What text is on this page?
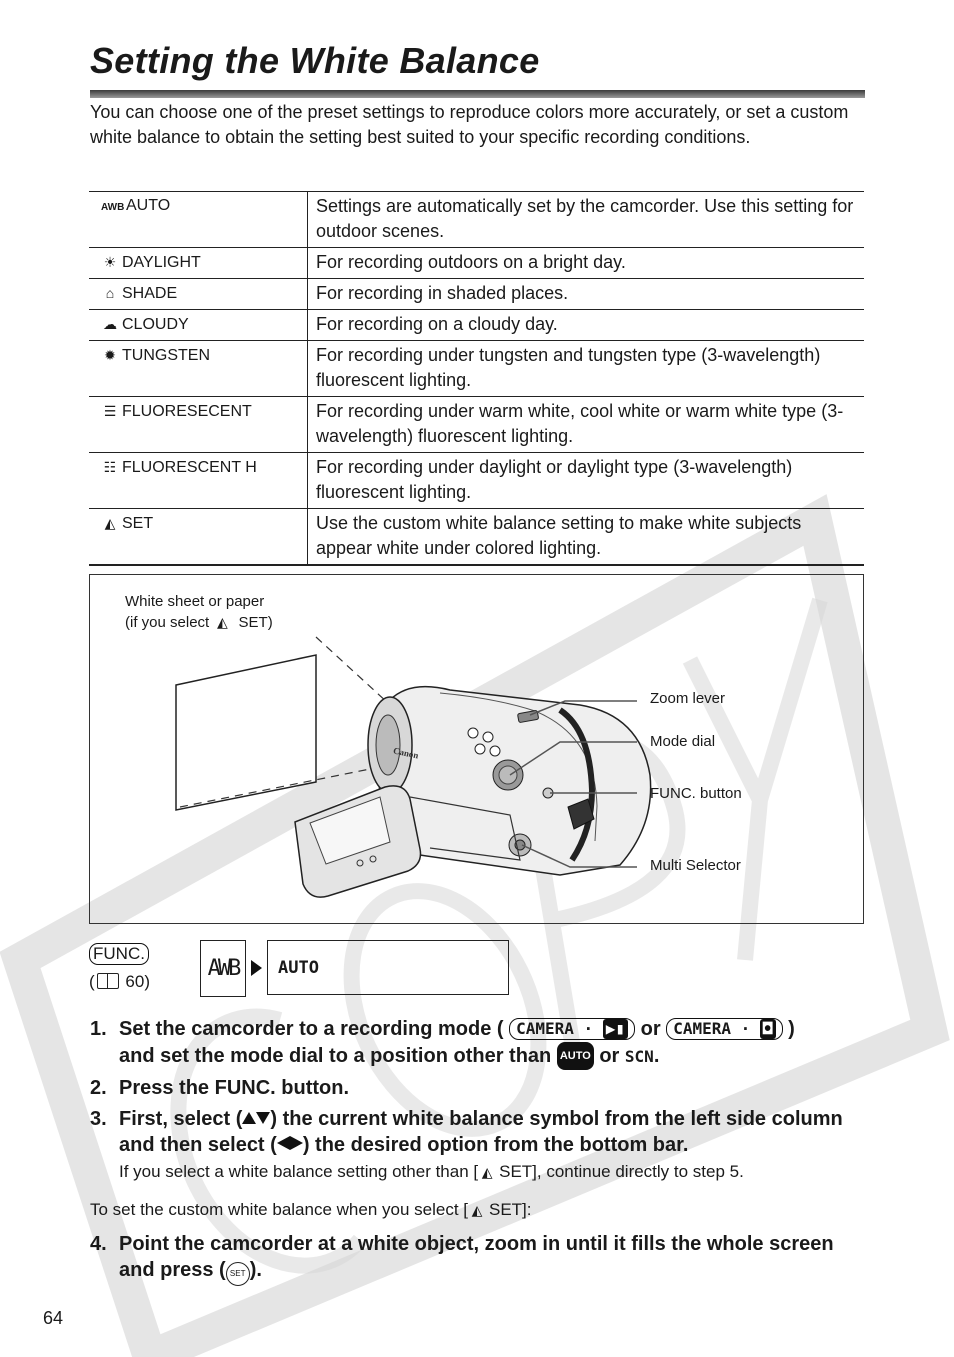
Setting the White Balance

You can choose one of the preset settings to reproduce colors more accurately, or set a custom white balance to obtain the setting best suited to your specific recording conditions.

AWB AUTO	Settings are automatically set by the camcorder. Use this setting for outdoor scenes.
☀ DAYLIGHT	For recording outdoors on a bright day.
⌂ SHADE	For recording in shaded places.
☁ CLOUDY	For recording on a cloudy day.
✹ TUNGSTEN	For recording under tungsten and tungsten type (3-wavelength) fluorescent lighting.
☰ FLUORESECENT	For recording under warm white, cool white or warm white type (3-wavelength) fluorescent lighting.
☷ FLUORESCENT H	For recording under daylight or daylight type (3-wavelength) fluorescent lighting.
◭ SET	Use the custom white balance setting to make white subjects appear white under colored lighting.
Canon
White sheet or paper
(if you select ◭ SET)
Zoom lever
Mode dial
FUNC. button
Multi Selector
FUNC.
( 60)
AWB	AUTO
1. Set the camcorder to a recording mode ( CAMERA · ▶▮ or CAMERA · ◘ )
and set the mode dial to a position other than AUTO or SCN.
2. Press the FUNC. button.
3. First, select ( ) the current white balance symbol from the left side column and then select ( ) the desired option from the bottom bar.
If you select a white balance setting other than [ ◭ SET], continue directly to step 5.
To set the custom white balance when you select [ ◭ SET]:
4. Point the camcorder at a white object, zoom in until it fills the whole screen and press ( SET ).
64
